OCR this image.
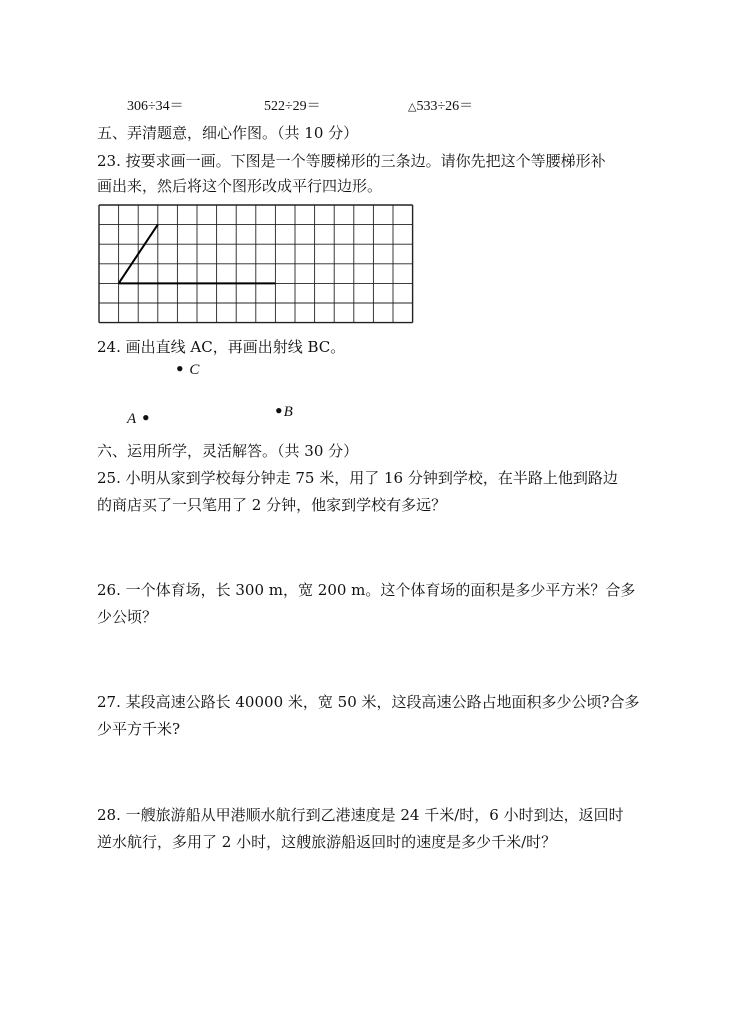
306÷34＝	522÷29＝	△533÷26＝
五、弄清题意，细心作图。（共 10 分）
23. 按要求画一画。下图是一个等腰梯形的三条边。请你先把这个等腰梯形补
画出来，然后将这个图形改成平行四边形。
24. 画出直线 AC，再画出射线 BC。
• C
A •	•B
六、运用所学，灵活解答。（共 30 分）
25. 小明从家到学校每分钟走 75 米，用了 16 分钟到学校，在半路上他到路边
的商店买了一只笔用了 2 分钟，他家到学校有多远？
26. 一个体育场，长 300 m，宽 200 m。这个体育场的面积是多少平方米？合多
少公顷？
27. 某段高速公路长 40000 米，宽 50 米，这段高速公路占地面积多少公顷?合多
少平方千米?
28. 一艘旅游船从甲港顺水航行到乙港速度是 24 千米/时，6 小时到达，返回时
逆水航行，多用了 2 小时，这艘旅游船返回时的速度是多少千米/时？
